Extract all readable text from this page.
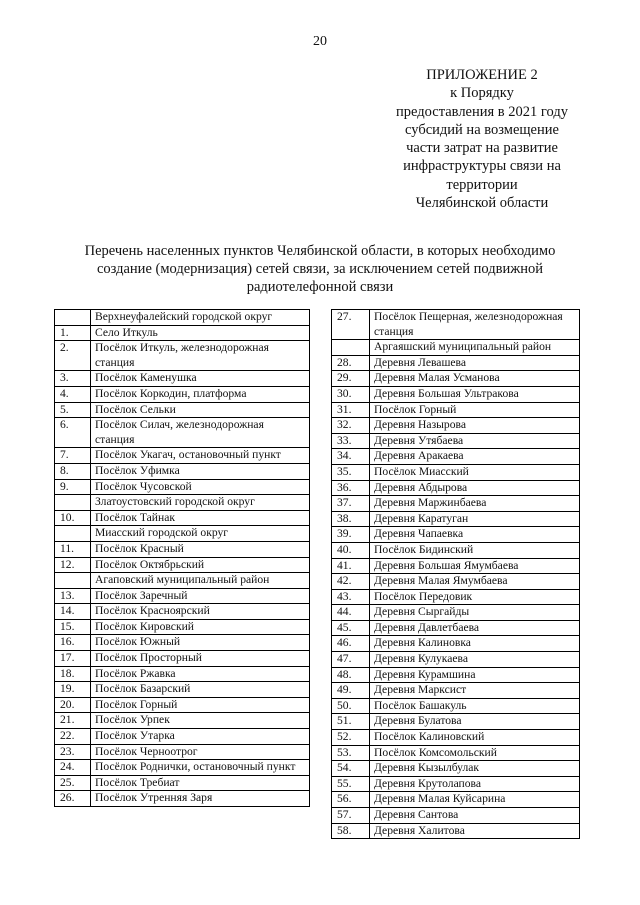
20
ПРИЛОЖЕНИЕ 2
к Порядку
предоставления в 2021 году
субсидий на возмещение
части затрат на развитие
инфраструктуры связи на
территории
Челябинской области
Перечень населенных пунктов Челябинской области, в которых необходимо
создание (модернизация) сетей связи, за исключением сетей подвижной
радиотелефонной связи
	Верхнеуфалейский городской округ
1.	Село Иткуль
2.	Посёлок Иткуль, железнодорожная станция
3.	Посёлок Каменушка
4.	Посёлок Коркодин, платформа
5.	Посёлок Сельки
6.	Посёлок Силач, железнодорожная станция
7.	Посёлок Укагач, остановочный пункт
8.	Посёлок Уфимка
9.	Посёлок Чусовской
	Златоустовский городской округ
10.	Посёлок Тайнак
	Миасский городской округ
11.	Посёлок Красный
12.	Посёлок Октябрьский
	Агаповский муниципальный район
13.	Посёлок Заречный
14.	Посёлок Красноярский
15.	Посёлок Кировский
16.	Посёлок Южный
17.	Посёлок Просторный
18.	Посёлок Ржавка
19.	Посёлок Базарский
20.	Посёлок Горный
21.	Посёлок Урпек
22.	Посёлок Утарка
23.	Посёлок Черноотрог
24.	Посёлок Роднички, остановочный пункт
25.	Посёлок Требиат
26.	Посёлок Утренняя Заря
27.	Посёлок Пещерная, железнодорожная станция
	Аргаяшский муниципальный район
28.	Деревня Левашева
29.	Деревня Малая Усманова
30.	Деревня Большая Ультракова
31.	Посёлок Горный
32.	Деревня Назырова
33.	Деревня Утябаева
34.	Деревня Аракаева
35.	Посёлок Миасский
36.	Деревня Абдырова
37.	Деревня Маржинбаева
38.	Деревня Каратуган
39.	Деревня Чапаевка
40.	Посёлок Бидинский
41.	Деревня Большая Ямумбаева
42.	Деревня Малая Ямумбаева
43.	Посёлок Передовик
44.	Деревня Сыргайды
45.	Деревня Давлетбаева
46.	Деревня Калиновка
47.	Деревня Кулукаева
48.	Деревня Курамшина
49.	Деревня Марксист
50.	Посёлок Башакуль
51.	Деревня Булатова
52.	Посёлок Калиновский
53.	Посёлок Комсомольский
54.	Деревня Кызылбулак
55.	Деревня Крутолапова
56.	Деревня Малая Куйсарина
57.	Деревня Сантова
58.	Деревня Халитова
